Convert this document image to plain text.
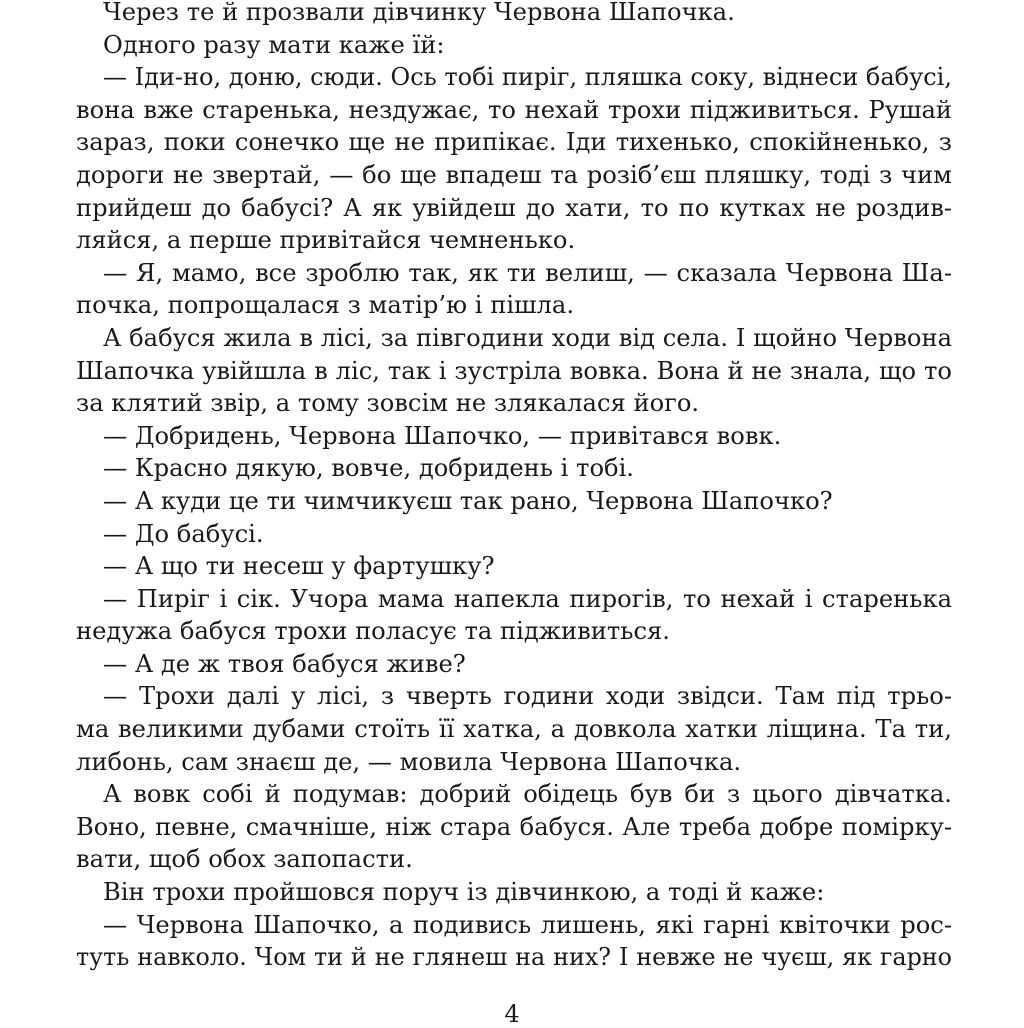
Через те й прозвали дівчинку Червона Шапочка.
Одного разу мати каже їй:
— Іди-но, доню, сюди. Ось тобі пиріг, пляшка соку, віднеси бабусі,
вона вже старенька, нездужає, то нехай трохи підживиться. Рушай
зараз, поки сонечко ще не припікає. Іди тихенько, спокійненько, з
дороги не звертай, — бо ще впадеш та розіб’єш пляшку, тоді з чим
прийдеш до бабусі? А як увійдеш до хати, то по кутках не роздив-
ляйся, а перше привітайся чемненько.
— Я, мамо, все зроблю так, як ти велиш, — сказала Червона Ша-
почка, попрощалася з матір’ю і пішла.
А бабуся жила в лісі, за півгодини ходи від села. І щойно Червона
Шапочка увійшла в ліс, так і зустріла вовка. Вона й не знала, що то
за клятий звір, а тому зовсім не злякалася його.
— Добридень, Червона Шапочко, — привітався вовк.
— Красно дякую, вовче, добридень і тобі.
— А куди це ти чимчикуєш так рано, Червона Шапочко?
— До бабусі.
— А що ти несеш у фартушку?
— Пиріг і сік. Учора мама напекла пирогів, то нехай і старенька
недужа бабуся трохи поласує та підживиться.
— А де ж твоя бабуся живе?
— Трохи далі у лісі, з чверть години ходи звідси. Там під трьо-
ма великими дубами стоїть її хатка, а довкола хатки ліщина. Та ти,
либонь, сам знаєш де, — мовила Червона Шапочка.
А вовк собі й подумав: добрий обідець був би з цього дівчатка.
Воно, певне, смачніше, ніж стара бабуся. Але треба добре помірку-
вати, щоб обох запопасти.
Він трохи пройшовся поруч із дівчинкою, а тоді й каже:
— Червона Шапочко, а подивись лишень, які гарні квіточки рос-
туть навколо. Чом ти й не глянеш на них? І невже не чуєш, як гарно
4
